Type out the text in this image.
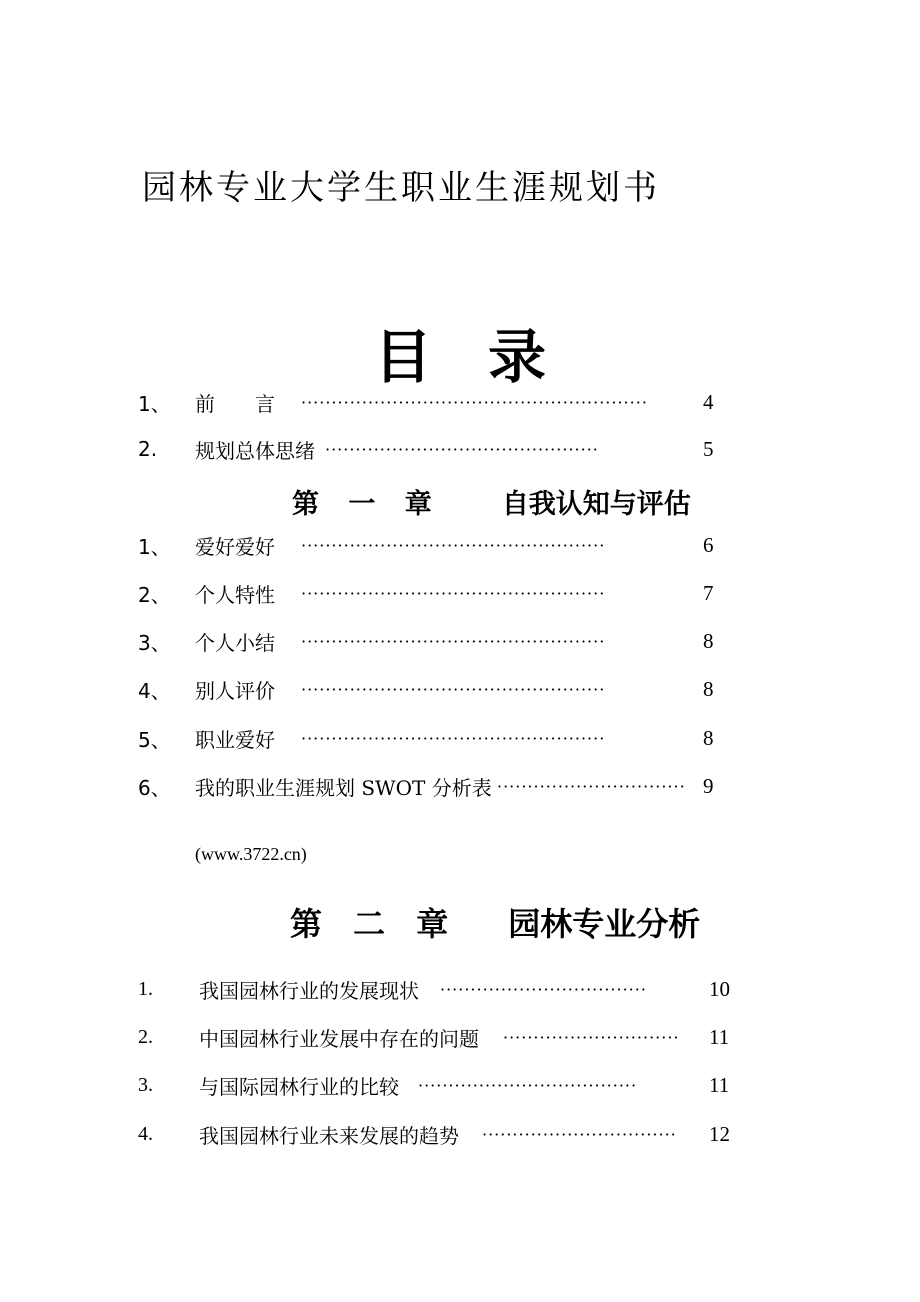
园林专业大学生职业生涯规划书
目 录
1、 前　　言 ·························································	4
2. 规划总体思绪 ·············································	5
第 一 章 自我认知与评估
1、 爱好爱好 ··················································	6
2、 个人特性 ··················································	7
3、 个人小结 ··················································	8
4、 别人评价 ··················································	8
5、 职业爱好 ··················································	8
6、 我的职业生涯规划 SWOT 分析表 ······························· 9
(www.3722.cn)
第 二 章 园林专业分析
1. 我国园林行业的发展现状 ··································	10
2. 中国园林行业发展中存在的问题 ·····························	11
3. 与国际园林行业的比较 ····································	11
4. 我国园林行业未来发展的趋势 ································	12
